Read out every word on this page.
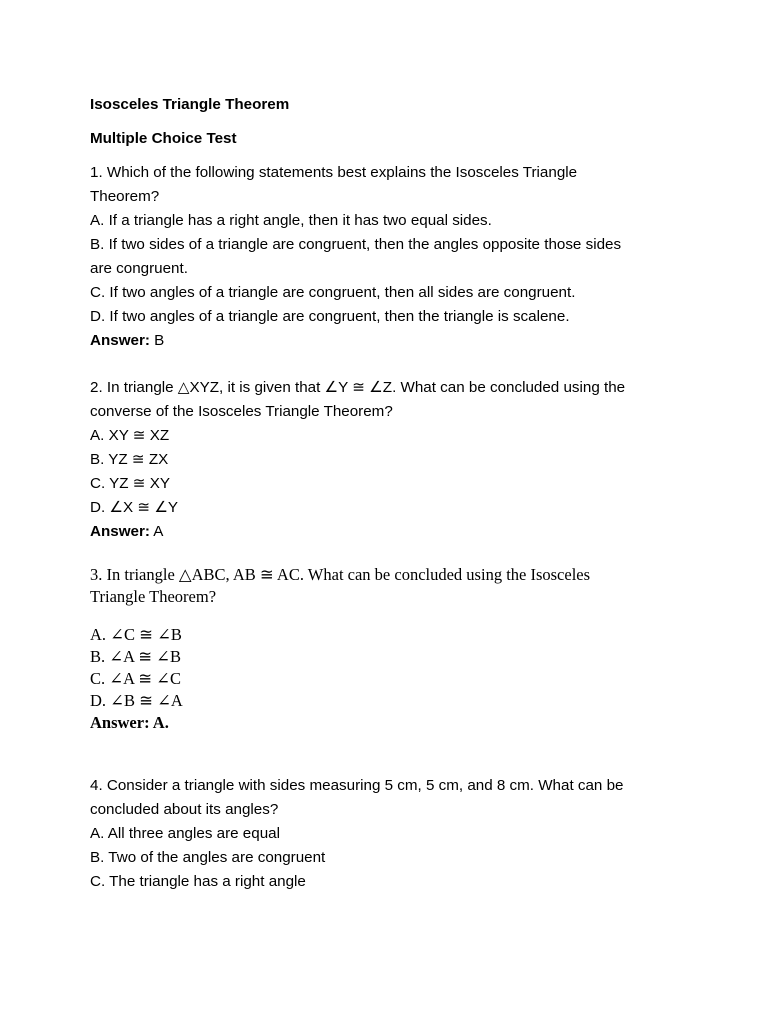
Isosceles Triangle Theorem
Multiple Choice Test
1. Which of the following statements best explains the Isosceles Triangle
Theorem?
A. If a triangle has a right angle, then it has two equal sides.
B. If two sides of a triangle are congruent, then the angles opposite those sides
are congruent.
C. If two angles of a triangle are congruent, then all sides are congruent.
D. If two angles of a triangle are congruent, then the triangle is scalene.
Answer: B
2. In triangle △XYZ, it is given that ∠Y ≅ ∠Z. What can be concluded using the
converse of the Isosceles Triangle Theorem?
A. XY ≅ XZ
B. YZ ≅ ZX
C. YZ ≅ XY
D. ∠X ≅ ∠Y
Answer: A
3. In triangle △ABC, AB ≅ AC. What can be concluded using the Isosceles
Triangle Theorem?
A. ∠C ≅ ∠B
B. ∠A ≅ ∠B
C. ∠A ≅ ∠C
D. ∠B ≅ ∠A
Answer: A.
4. Consider a triangle with sides measuring 5 cm, 5 cm, and 8 cm. What can be
concluded about its angles?
A. All three angles are equal
B. Two of the angles are congruent
C. The triangle has a right angle
